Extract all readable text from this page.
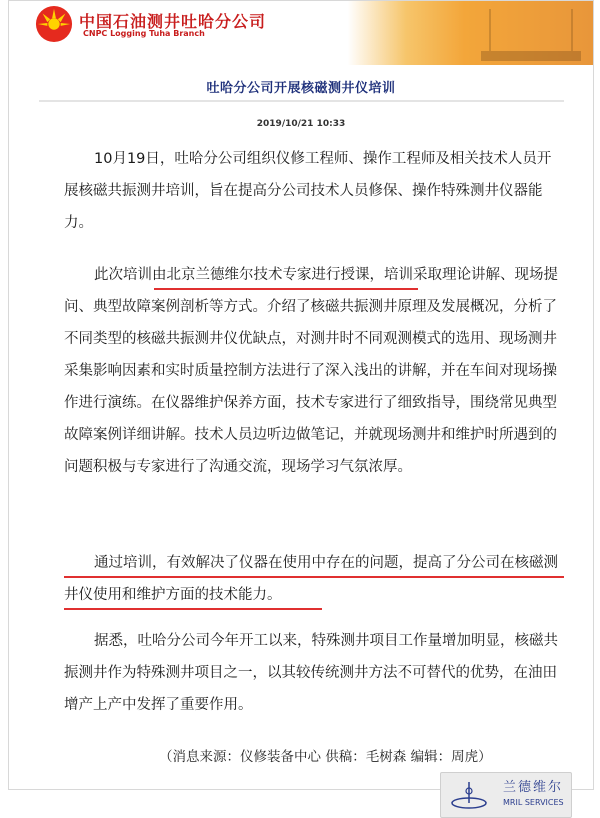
中国石油测井吐哈分公司
CNPC Logging Tuha Branch
吐哈分公司开展核磁测井仪培训
2019/10/21 10:33

10月19日，吐哈分公司组织仪修工程师、操作工程师及相关技术人员开展核磁共振测井培训，旨在提高分公司技术人员修保、操作特殊测井仪器能力。

此次培训由北京兰德维尔技术专家进行授课，培训采取理论讲解、现场提问、典型故障案例剖析等方式。介绍了核磁共振测井原理及发展概况，分析了不同类型的核磁共振测井仪优缺点，对测井时不同观测模式的选用、现场测井采集影响因素和实时质量控制方法进行了深入浅出的讲解，并在车间对现场操作进行演练。在仪器维护保养方面，技术专家进行了细致指导，围绕常见典型故障案例详细讲解。技术人员边听边做笔记，并就现场测井和维护时所遇到的问题积极与专家进行了沟通交流，现场学习气氛浓厚。

通过培训，有效解决了仪器在使用中存在的问题，提高了分公司在核磁测井仪使用和维护方面的技术能力。

据悉，吐哈分公司今年开工以来，特殊测井项目工作量增加明显，核磁共振测井作为特殊测井项目之一，以其较传统测井方法不可替代的优势，在油田增产上产中发挥了重要作用。

（消息来源：仪修装备中心 供稿：毛树森 编辑：周虎）
兰德维尔
MRIL SERVICES
